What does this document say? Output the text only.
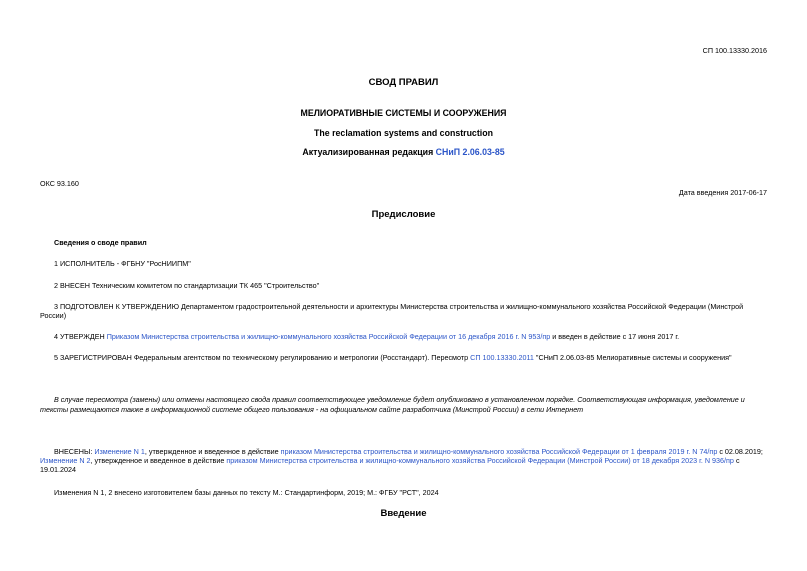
СП 100.13330.2016
СВОД ПРАВИЛ
МЕЛИОРАТИВНЫЕ СИСТЕМЫ И СООРУЖЕНИЯ
The reclamation systems and construction
Актуализированная редакция СНиП 2.06.03-85
ОКС 93.160
Дата введения 2017-06-17
Предисловие
Сведения о своде правил
1 ИСПОЛНИТЕЛЬ - ФГБНУ "РосНИИПМ"
2 ВНЕСЕН Техническим комитетом по стандартизации ТК 465 "Строительство"
3 ПОДГОТОВЛЕН К УТВЕРЖДЕНИЮ Департаментом градостроительной деятельности и архитектуры Министерства строительства и жилищно-коммунального хозяйства Российской Федерации (Минстрой
России)
4 УТВЕРЖДЕН Приказом Министерства строительства и жилищно-коммунального хозяйства Российской Федерации от 16 декабря 2016 г. N 953/пр и введен в действие с 17 июня 2017 г.
5 ЗАРЕГИСТРИРОВАН Федеральным агентством по техническому регулированию и метрологии (Росстандарт). Пересмотр СП 100.13330.2011 "СНиП 2.06.03-85 Мелиоративные системы и сооружения"
В случае пересмотра (замены) или отмены настоящего свода правил соответствующее уведомление будет опубликовано в установленном порядке. Соответствующая информация, уведомление и
тексты размещаются также в информационной системе общего пользования - на официальном сайте разработчика (Минстрой России) в сети Интернет
ВНЕСЕНЫ: Изменение N 1, утвержденное и введенное в действие приказом Министерства строительства и жилищно-коммунального хозяйства Российской Федерации от 1 февраля 2019 г. N 74/пр с 02.08.2019;
Изменение N 2, утвержденное и введенное в действие приказом Министерства строительства и жилищно-коммунального хозяйства Российской Федерации (Минстрой России) от 18 декабря 2023 г. N 936/пр с
19.01.2024
Изменения N 1, 2 внесено изготовителем базы данных по тексту М.: Стандартинформ, 2019; М.: ФГБУ "РСТ", 2024
Введение
